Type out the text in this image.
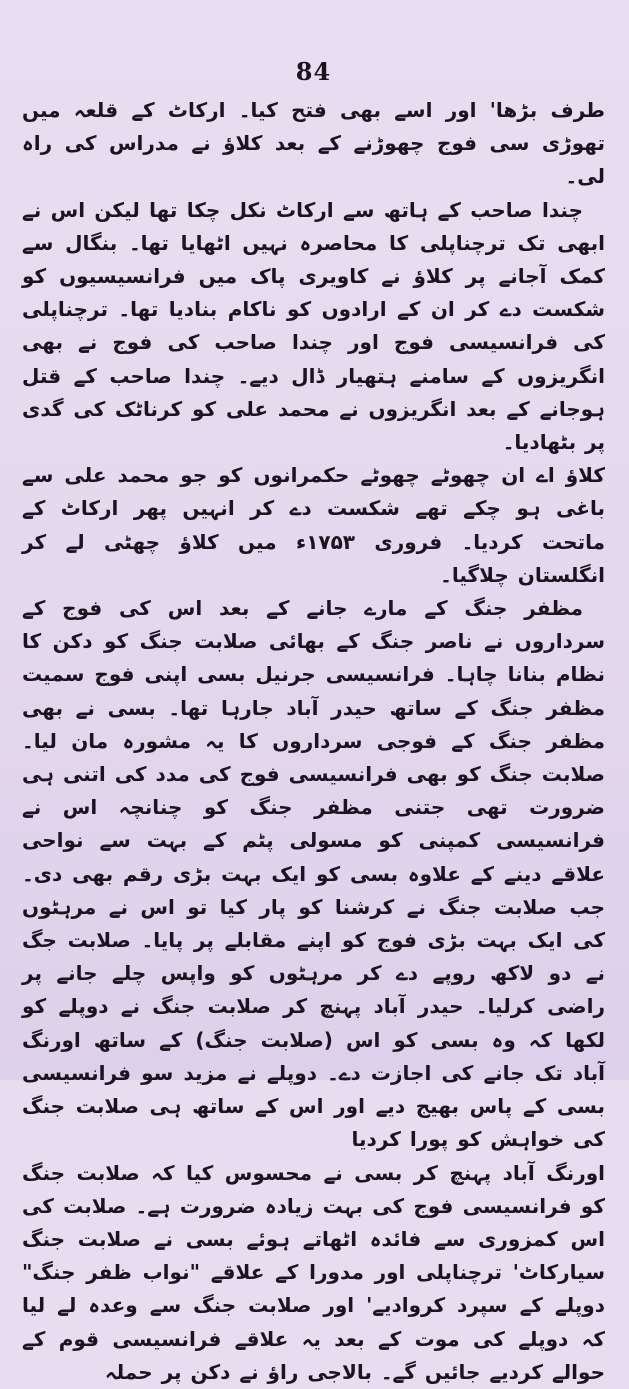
84

طرف بڑھا' اور اسے بھی فتح کیا۔ ارکاٹ کے قلعہ میں تھوڑی سی فوج چھوڑنے کے بعد کلاؤ نے مدراس کی راہ لی۔

چندا صاحب کے ہاتھ سے ارکاٹ نکل چکا تھا لیکن اس نے ابھی تک ترچناپلی کا محاصرہ نہیں اٹھایا تھا۔ بنگال سے کمک آجانے پر کلاؤ نے کاویری پاک میں فرانسیسیوں کو شکست دے کر ان کے ارادوں کو ناکام بنادیا تھا۔ ترچناپلی کی فرانسیسی فوج اور چندا صاحب کی فوج نے بھی انگریزوں کے سامنے ہتھیار ڈال دیے۔ چندا صاحب کے قتل ہوجانے کے بعد انگریزوں نے محمد علی کو کرناٹک کی گدی پر بٹھادیا۔

کلاؤ اے ان چھوٹے چھوٹے حکمرانوں کو جو محمد علی سے باغی ہو چکے تھے شکست دے کر انہیں پھر ارکاٹ کے ماتحت کردیا۔ فروری ۱۷۵۳ء میں کلاؤ چھٹی لے کر انگلستان چلاگیا۔

مظفر جنگ کے مارے جانے کے بعد اس کی فوج کے سرداروں نے ناصر جنگ کے بھائی صلابت جنگ کو دکن کا نظام بنانا چاہا۔ فرانسیسی جرنیل بسی اپنی فوج سمیت مظفر جنگ کے ساتھ حیدر آباد جارہا تھا۔ بسی نے بھی مظفر جنگ کے فوجی سرداروں کا یہ مشورہ مان لیا۔ صلابت جنگ کو بھی فرانسیسی فوج کی مدد کی اتنی ہی ضرورت تھی جتنی مظفر جنگ کو چنانچہ اس نے فرانسیسی کمپنی کو مسولی پٹم کے بہت سے نواحی علاقے دینے کے علاوہ بسی کو ایک بہت بڑی رقم بھی دی۔ جب صلابت جنگ نے کرشنا کو پار کیا تو اس نے مرہٹوں کی ایک بہت بڑی فوج کو اپنے مقابلے پر پایا۔ صلابت جگ نے دو لاکھ روپے دے کر مرہٹوں کو واپس چلے جانے پر راضی کرلیا۔ حیدر آباد پہنچ کر صلابت جنگ نے دوپلے کو لکھا کہ وہ بسی کو اس (صلابت جنگ) کے ساتھ اورنگ آباد تک جانے کی اجازت دے۔ دوپلے نے مزید سو فرانسیسی بسی کے پاس بھیج دیے اور اس کے ساتھ ہی صلابت جنگ کی خواہش کو پورا کردیا

اورنگ آباد پہنچ کر بسی نے محسوس کیا کہ صلابت جنگ کو فرانسیسی فوج کی بہت زیادہ ضرورت ہے۔ صلابت کی اس کمزوری سے فائدہ اٹھاتے ہوئے بسی نے صلابت جنگ سیارکاٹ' ترچناپلی اور مدورا کے علاقے "نواب ظفر جنگ" دوپلے کے سپرد کروادیے' اور صلابت جنگ سے وعدہ لے لیا کہ دوپلے کی موت کے بعد یہ علاقے فرانسیسی قوم کے حوالے کردیے جائیں گے۔ بالاجی راؤ نے دکن پر حملہ
